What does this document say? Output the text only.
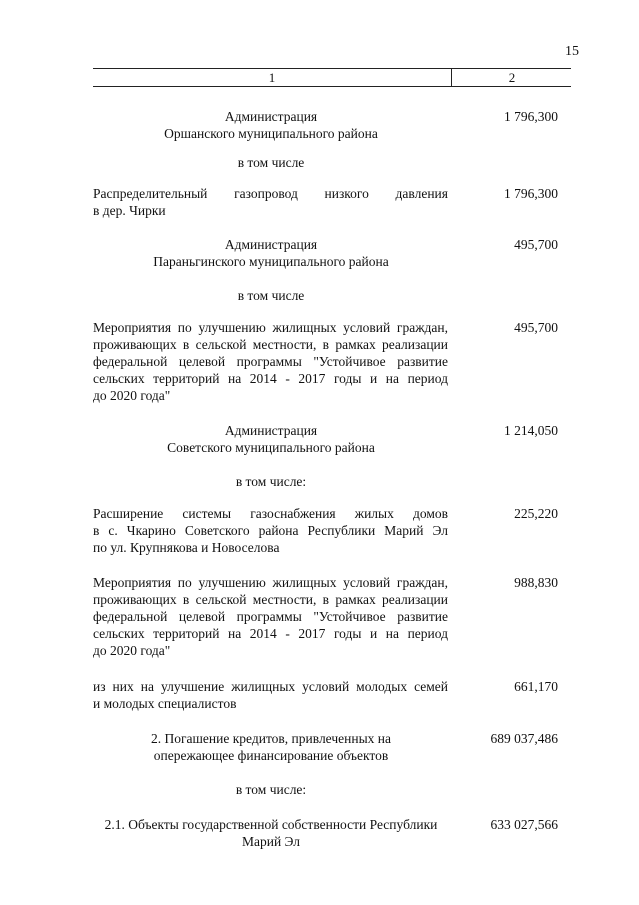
15
1	2
Администрация
Оршанского муниципального района
1 796,300
в том числе
Распределительный газопровод низкого давления
в дер. Чирки
1 796,300
Администрация
Параньгинского муниципального района
495,700
в том числе
Мероприятия по улучшению жилищных условий граждан,
проживающих в сельской местности, в рамках реализации
федеральной целевой программы "Устойчивое развитие
сельских территорий на 2014 - 2017 годы и на период
до 2020 года"
495,700
Администрация
Советского муниципального района
1 214,050
в том числе:
Расширение системы газоснабжения жилых домов
в с. Чкарино Советского района Республики Марий Эл
по ул. Крупнякова и Новоселова
225,220
Мероприятия по улучшению жилищных условий граждан,
проживающих в сельской местности, в рамках реализации
федеральной целевой программы "Устойчивое развитие
сельских территорий на 2014 - 2017 годы и на период
до 2020 года"
988,830
из них на улучшение жилищных условий молодых семей
и молодых специалистов
661,170
2. Погашение кредитов, привлеченных на
опережающее финансирование объектов
689 037,486
в том числе:
2.1. Объекты государственной собственности Республики
Марий Эл
633 027,566
